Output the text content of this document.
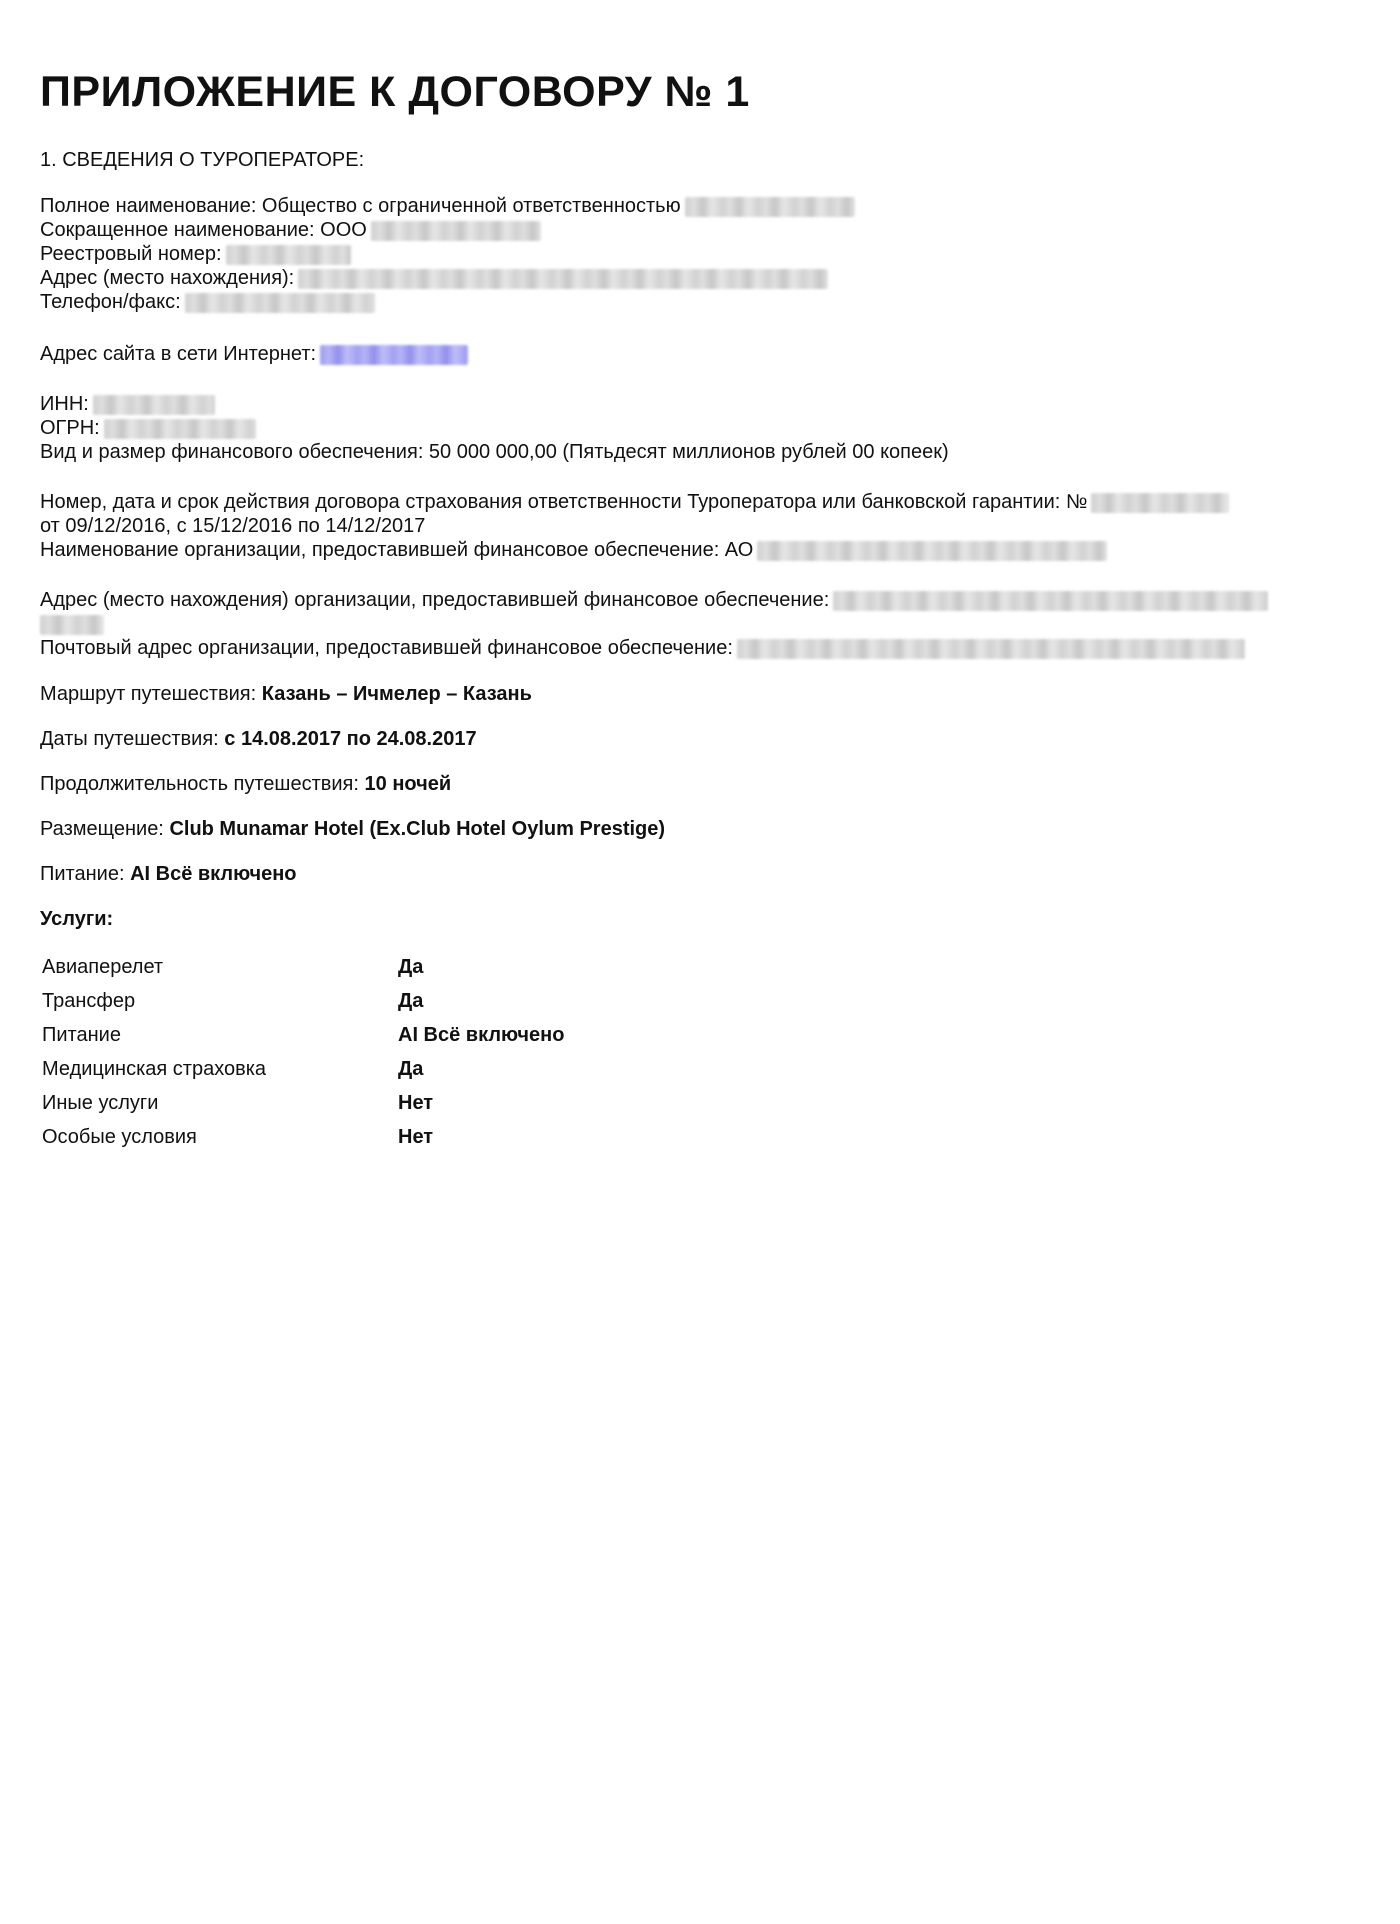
ПРИЛОЖЕНИЕ К ДОГОВОРУ № 1
1. СВЕДЕНИЯ О ТУРОПЕРАТОРЕ:
Полное наименование: Общество с ограниченной ответственностью
Сокращенное наименование: ООО
Реестровый номер:
Адрес (место нахождения):
Телефон/факс:
Адрес сайта в сети Интернет:
ИНН:
ОГРН:
Вид и размер финансового обеспечения: 50 000 000,00 (Пятьдесят миллионов рублей 00 копеек)
Номер, дата и срок действия договора страхования ответственности Туроператора или банковской гарантии: №
от 09/12/2016, с 15/12/2016 по 14/12/2017
Наименование организации, предоставившей финансовое обеспечение: АО
Адрес (место нахождения) организации, предоставившей финансовое обеспечение:
Почтовый адрес организации, предоставившей финансовое обеспечение:
Маршрут путешествия: Казань – Ичмелер – Казань
Даты путешествия: с 14.08.2017 по 24.08.2017
Продолжительность путешествия: 10 ночей
Размещение: Club Munamar Hotel (Ex.Club Hotel Oylum Prestige)
Питание: AI Всё включено
Услуги:
Авиаперелет	Да
Трансфер	Да
Питание	AI Всё включено
Медицинская страховка	Да
Иные услуги	Нет
Особые условия	Нет
